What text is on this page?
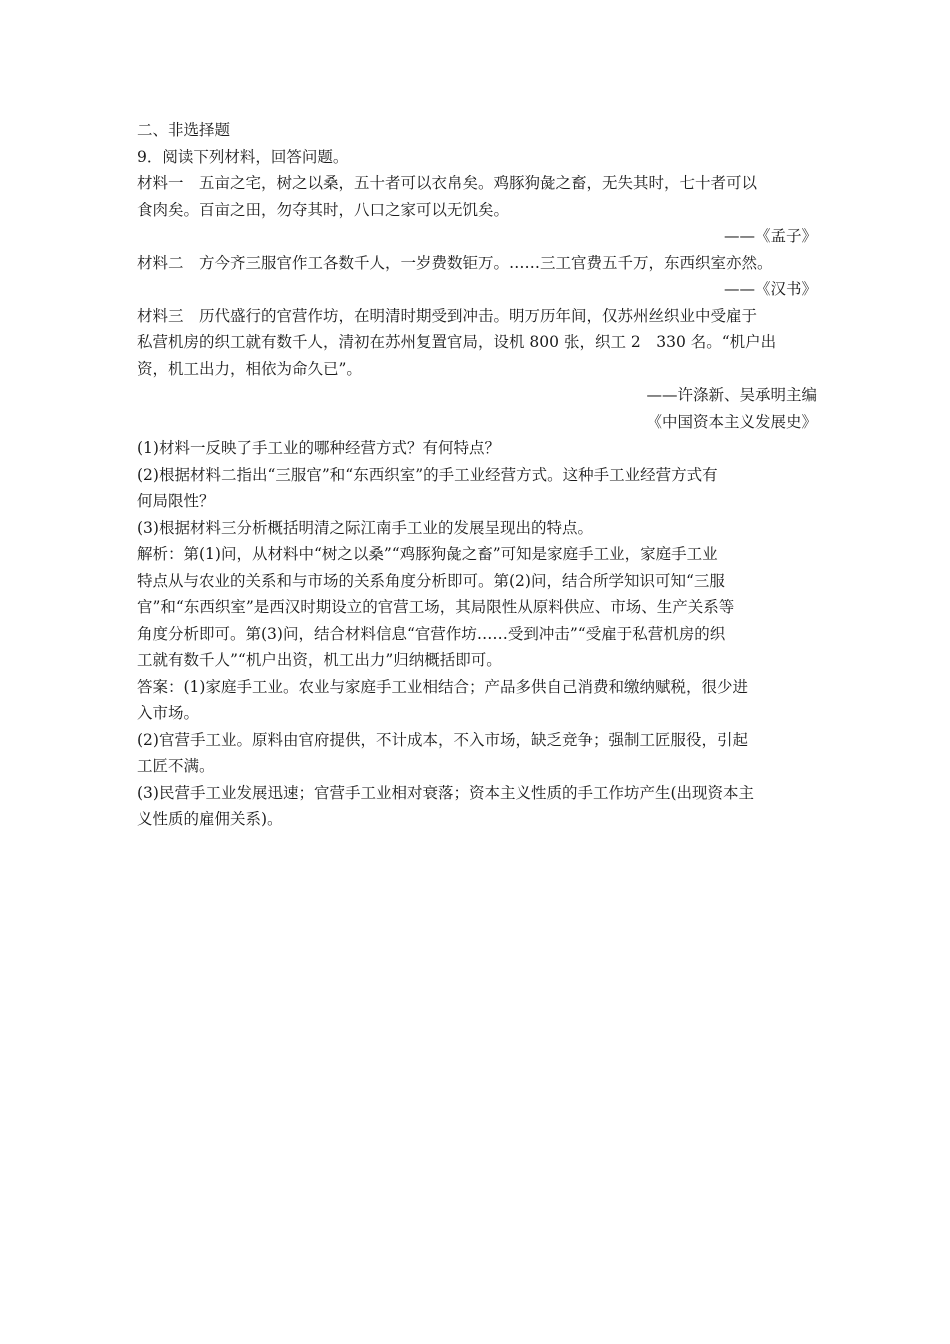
二、非选择题

9．阅读下列材料，回答问题。

材料一　五亩之宅，树之以桑，五十者可以衣帛矣。鸡豚狗彘之畜，无失其时，七十者可以

食肉矣。百亩之田，勿夺其时，八口之家可以无饥矣。

——《孟子》

材料二　方今齐三服官作工各数千人，一岁费数钜万。……三工官费五千万，东西织室亦然。

——《汉书》

材料三　历代盛行的官营作坊，在明清时期受到冲击。明万历年间，仅苏州丝织业中受雇于

私营机房的织工就有数千人，清初在苏州复置官局，设机 800 张，织工 2　330 名。“机户出

资，机工出力，相依为命久已”。

——许涤新、吴承明主编

《中国资本主义发展史》

(1)材料一反映了手工业的哪种经营方式？有何特点？

(2)根据材料二指出“三服官”和“东西织室”的手工业经营方式。这种手工业经营方式有

何局限性？

(3)根据材料三分析概括明清之际江南手工业的发展呈现出的特点。

解析：第(1)问，从材料中“树之以桑”“鸡豚狗彘之畜”可知是家庭手工业，家庭手工业

特点从与农业的关系和与市场的关系角度分析即可。第(2)问，结合所学知识可知“三服

官”和“东西织室”是西汉时期设立的官营工场，其局限性从原料供应、市场、生产关系等

角度分析即可。第(3)问，结合材料信息“官营作坊……受到冲击”“受雇于私营机房的织

工就有数千人”“机户出资，机工出力”归纳概括即可。

答案：(1)家庭手工业。农业与家庭手工业相结合；产品多供自己消费和缴纳赋税，很少进

入市场。

(2)官营手工业。原料由官府提供，不计成本，不入市场，缺乏竞争；强制工匠服役，引起

工匠不满。

(3)民营手工业发展迅速；官营手工业相对衰落；资本主义性质的手工作坊产生(出现资本主

义性质的雇佣关系)。
